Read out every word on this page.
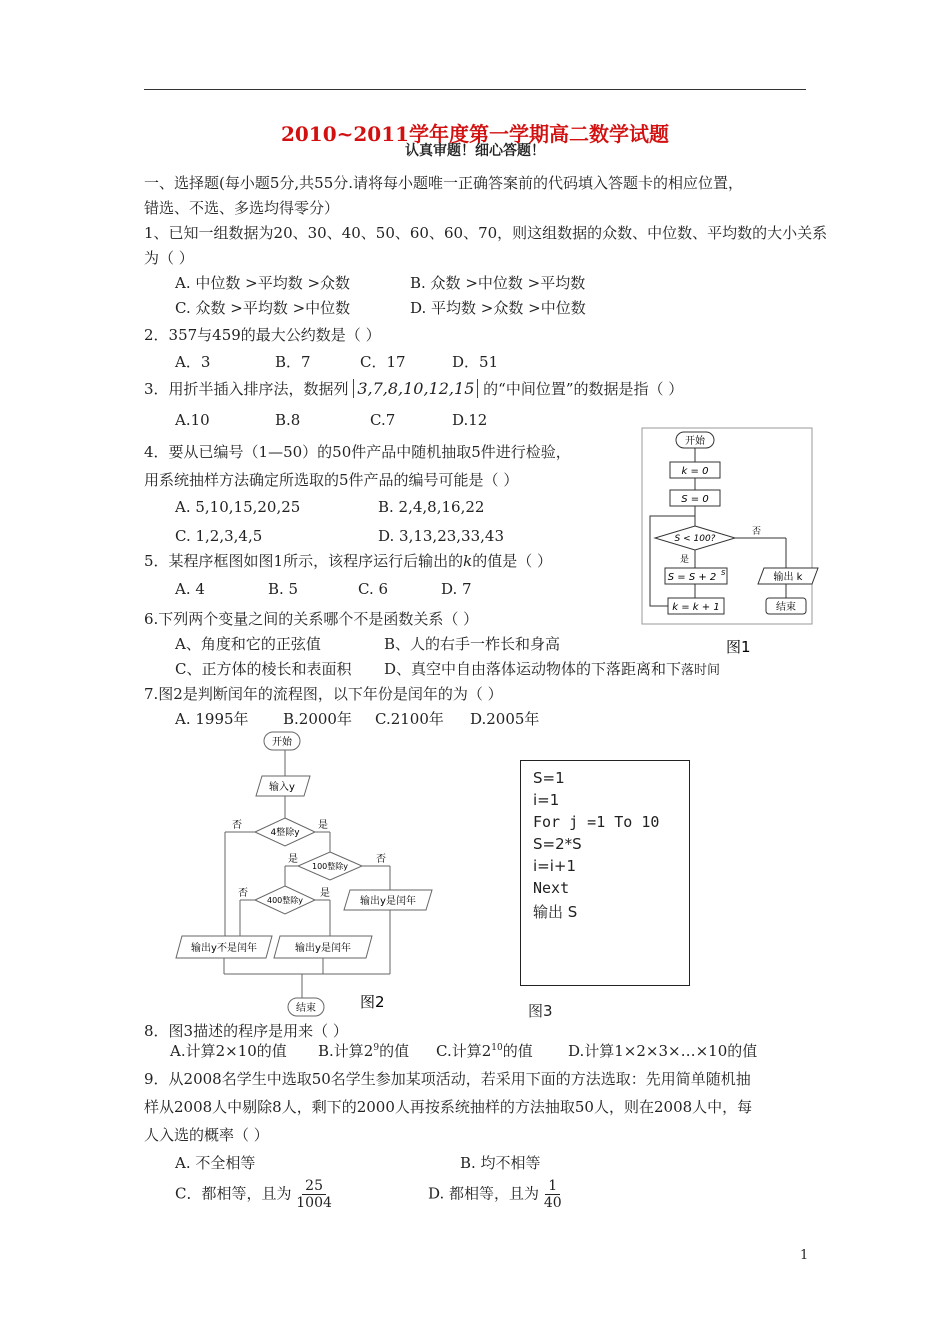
2010~2011学年度第一学期高二数学试题
认真审题！细心答题！
一、选择题(每小题5分,共55分.请将每小题唯一正确答案前的代码填入答题卡的相应位置，
错选、不选、多选均得零分）
1、已知一组数据为20、30、40、50、60、60、70，则这组数据的众数、中位数、平均数的大小关系
为（ ）
A. 中位数 >平均数 >众数	B. 众数 >中位数 >平均数
C. 众数 >平均数 >中位数	D. 平均数 >众数 >中位数
2．357与459的最大公约数是（ ）
A．3	B．7	C．17	D．51
3．用折半插入排序法，数据列 3,7,8,10,12,15 的“中间位置”的数据是指（ ）
A.10	B.8	C.7	D.12
4．要从已编号（1—50）的50件产品中随机抽取5件进行检验，
用系统抽样方法确定所选取的5件产品的编号可能是（ ）
A. 5,10,15,20,25	B. 2,4,8,16,22
C. 1,2,3,4,5	D. 3,13,23,33,43
5．某程序框图如图1所示，该程序运行后输出的k的值是（ ）
A. 4	B. 5	C. 6	D. 7
开始
k = 0
S = 0
S < 100?
否
是
S = S + 2 S
k = k + 1
输出 k
结束
图1
6.下列两个变量之间的关系哪个不是函数关系（ ）
A、角度和它的正弦值	B、人的右手一柞长和身高
C、正方体的棱长和表面积 D、真空中自由落体运动物体的下落距离和下落时间
7.图2是判断闰年的流程图，以下年份是闰年的为（ ）
A. 1995年 B.2000年 C.2100年 D.2005年
开始
输入y
4整除y
否	是
100整除y
是	否
输出y是闰年
400整除y
否	是
输出y不是闰年	输出y是闰年
结束	图2
S=1
i=1
For j =1 To 10
S=2*S
i=i+1
Next
输出 S
图3
8．图3描述的程序是用来（ ）
A.计算2×10的值 B.计算$2^9$的值 C.计算$2^{10}$的值 D.计算1×2×3×…×10的值
9．从2008名学生中选取50名学生参加某项活动，若采用下面的方法选取：先用简单随机抽
样从2008人中剔除8人，剩下的2000人再按系统抽样的方法抽取50人，则在2008人中，每
人入选的概率（ ）
A. 不全相等	B. 均不相等
C．都相等，且为 $\frac{25}{1004}$	D. 都相等，且为 $\frac{1}{40}$
1
